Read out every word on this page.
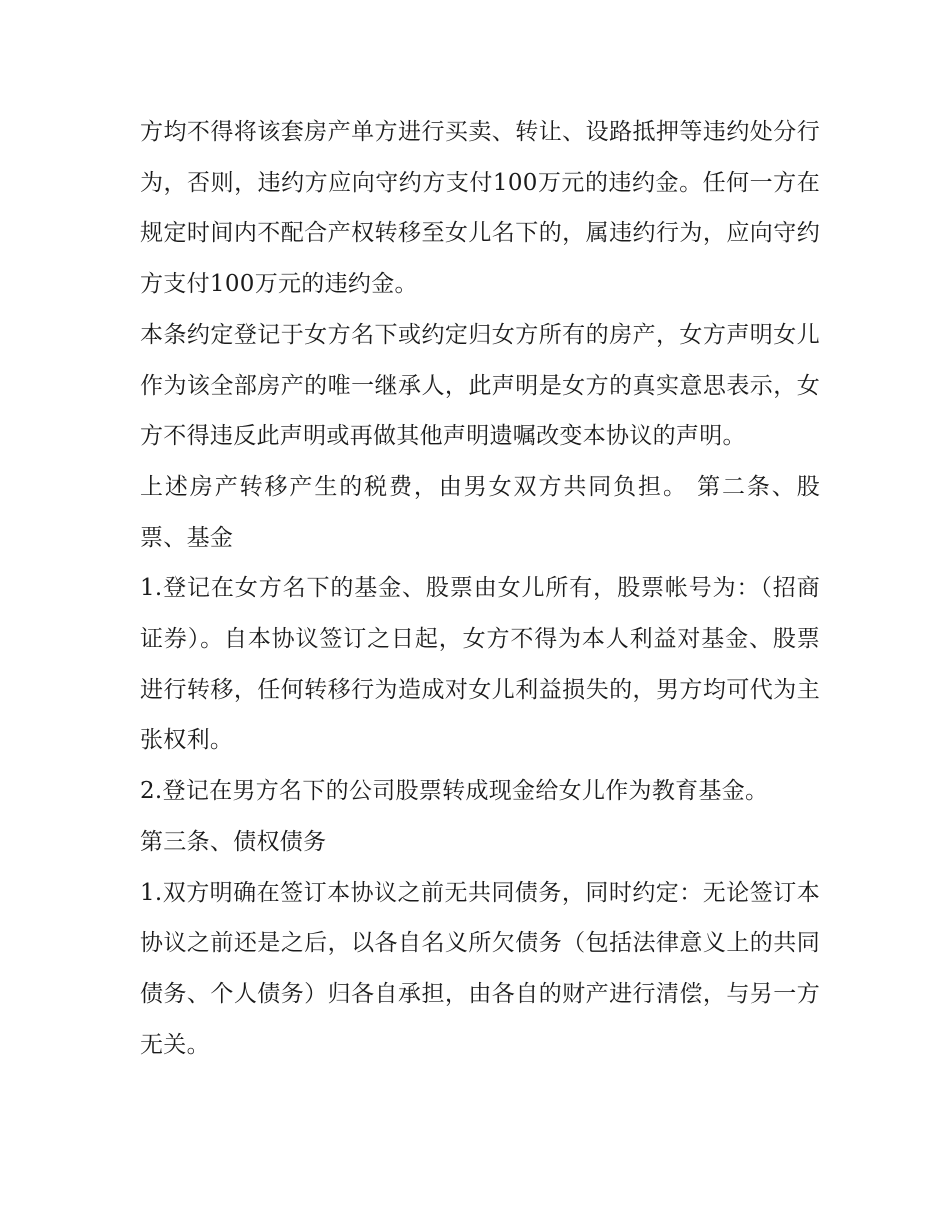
方均不得将该套房产单方进行买卖、转让、设路抵押等违约处分行为，否则，违约方应向守约方支付100万元的违约金。任何一方在规定时间内不配合产权转移至女儿名下的，属违约行为，应向守约方支付100万元的违约金。

本条约定登记于女方名下或约定归女方所有的房产，女方声明女儿作为该全部房产的唯一继承人，此声明是女方的真实意思表示，女方不得违反此声明或再做其他声明遗嘱改变本协议的声明。

上述房产转移产生的税费，由男女双方共同负担。 第二条、股票、基金

1.登记在女方名下的基金、股票由女儿所有，股票帐号为：（招商证券）。自本协议签订之日起，女方不得为本人利益对基金、股票进行转移，任何转移行为造成对女儿利益损失的，男方均可代为主张权利。

2.登记在男方名下的公司股票转成现金给女儿作为教育基金。

第三条、债权债务

1.双方明确在签订本协议之前无共同债务，同时约定：无论签订本协议之前还是之后，以各自名义所欠债务（包括法律意义上的共同债务、个人债务）归各自承担，由各自的财产进行清偿，与另一方无关。
